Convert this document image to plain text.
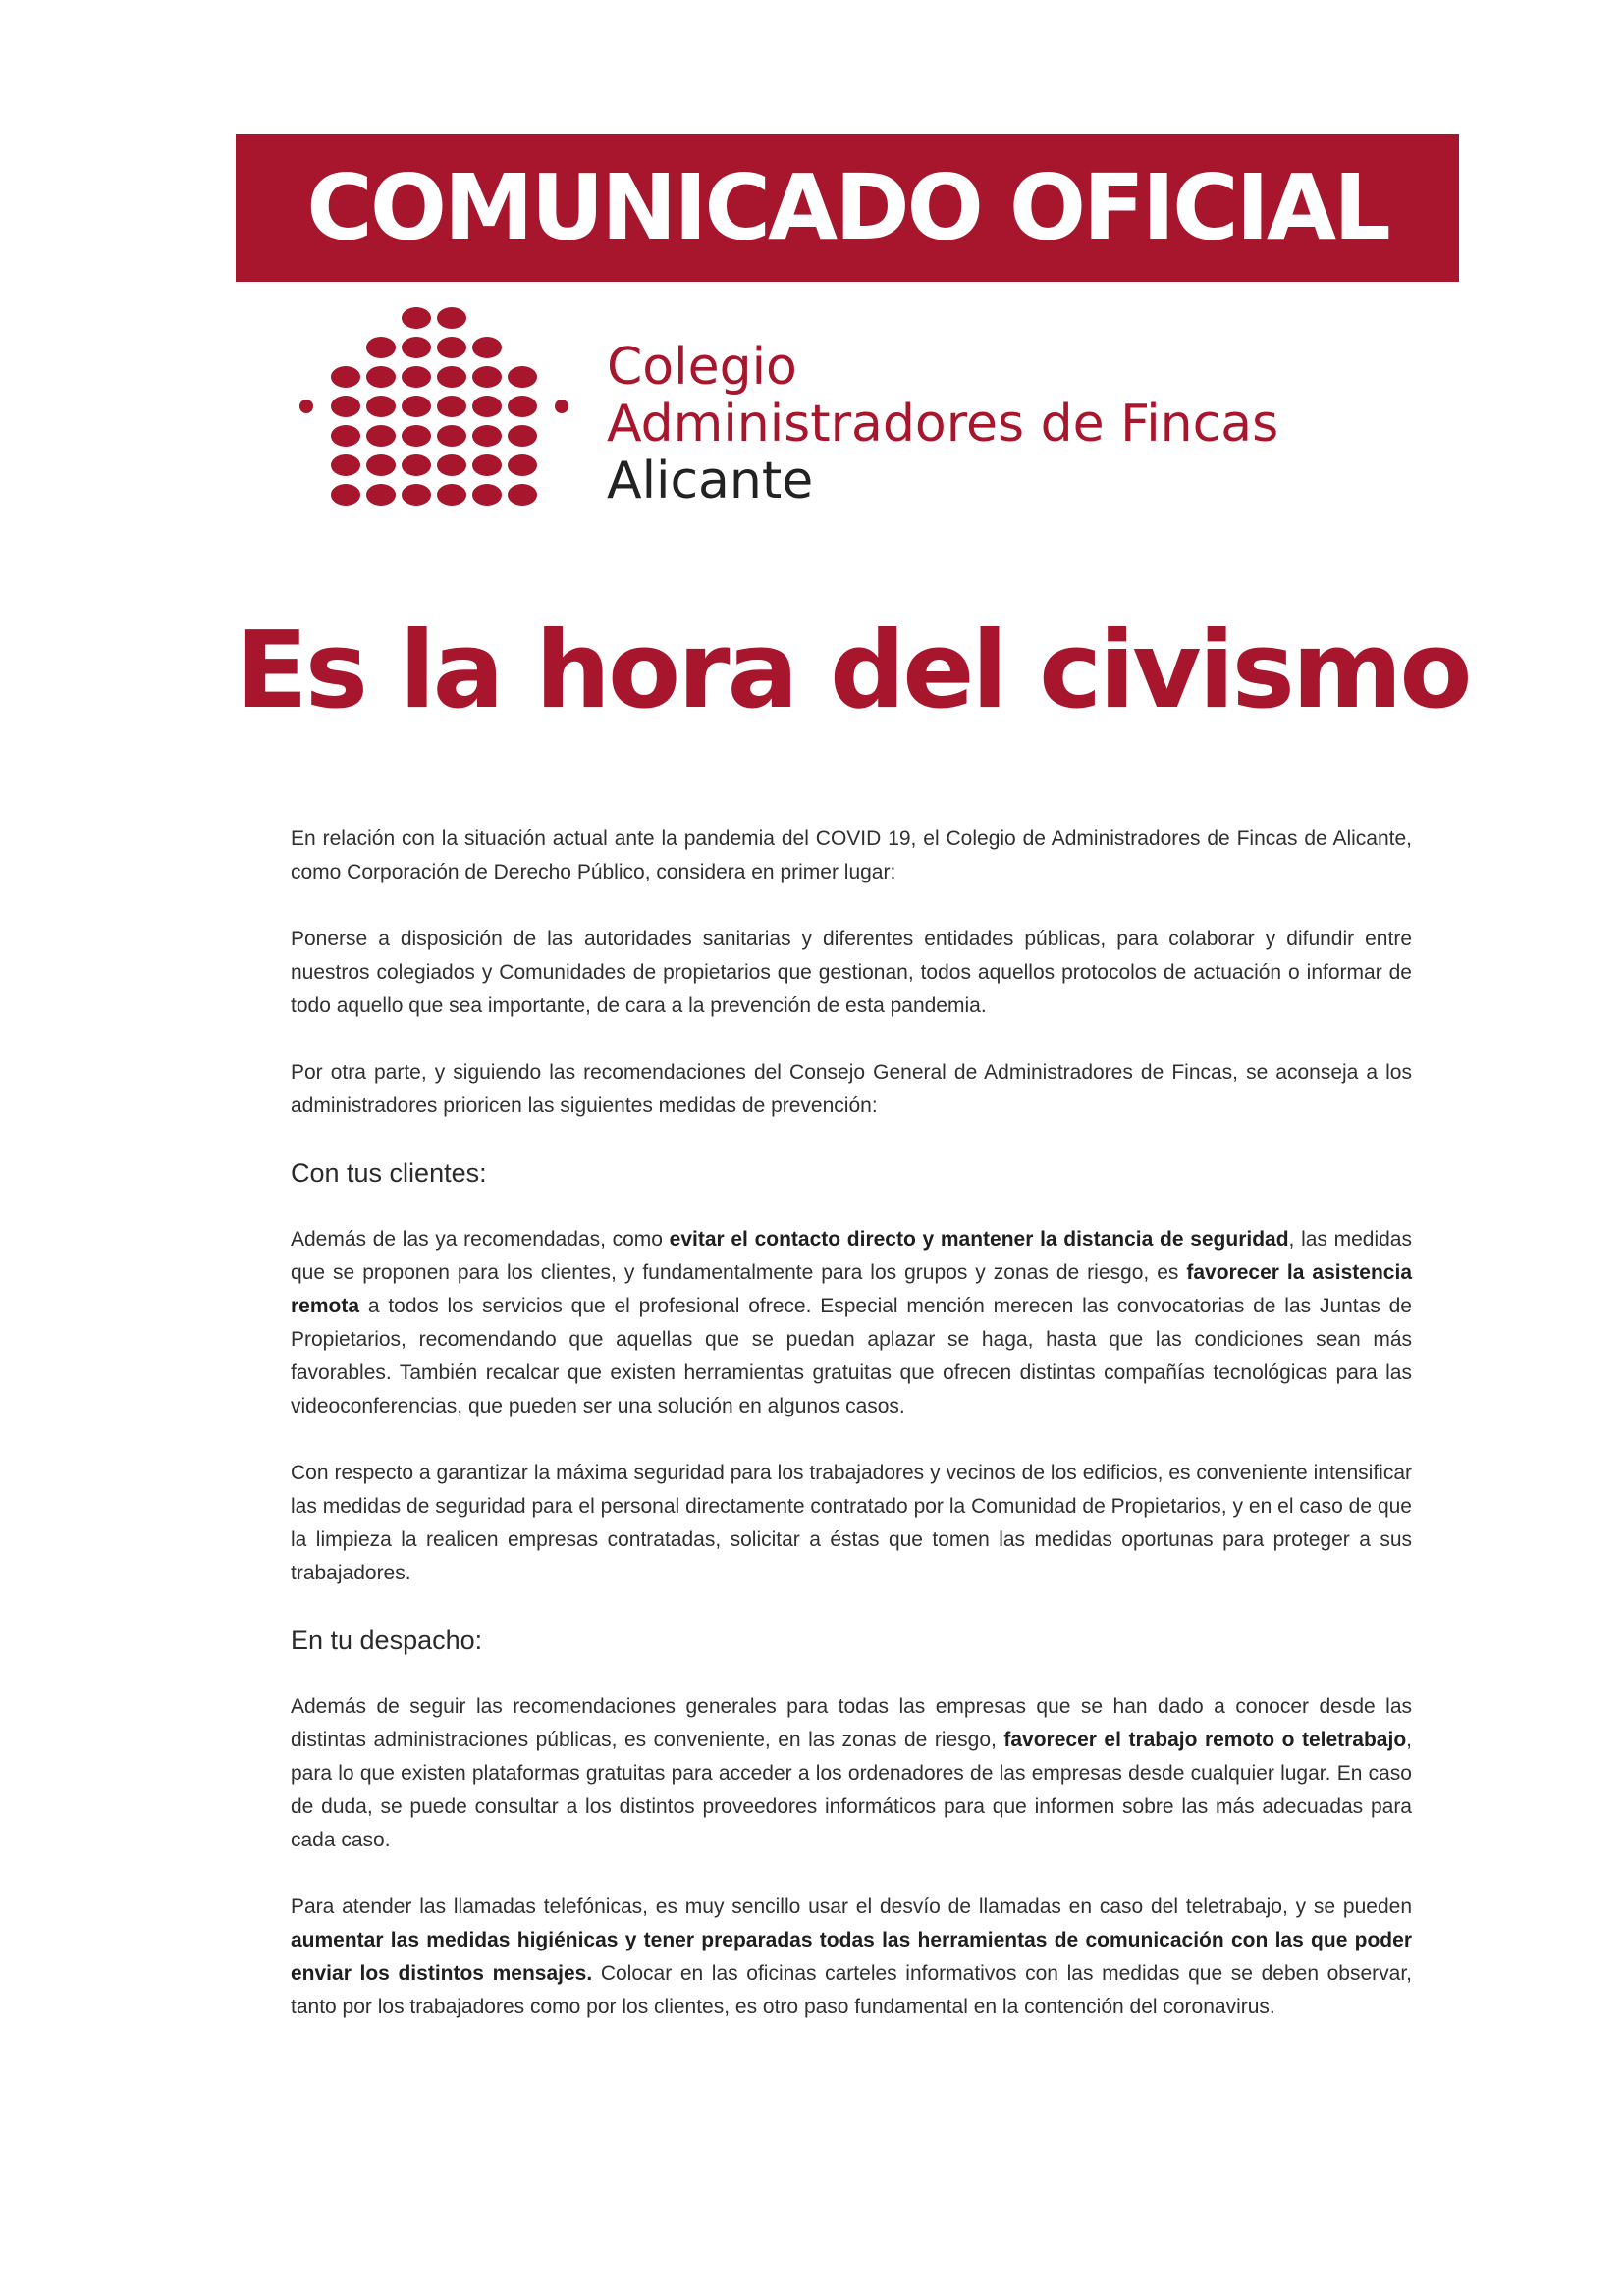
COMUNICADO OFICIAL
Colegio
Administradores de Fincas
Alicante
Es la hora del civismo

En relación con la situación actual ante la pandemia del COVID 19, el Colegio de Administradores de Fincas de Alicante, como Corporación de Derecho Público, considera en primer lugar:

Ponerse a disposición de las autoridades sanitarias y diferentes entidades públicas, para colaborar y difundir entre nuestros colegiados y Comunidades de propietarios que gestionan, todos aquellos protocolos de actuación o informar de todo aquello que sea importante, de cara a la prevención de esta pandemia.

Por otra parte, y siguiendo las recomendaciones del Consejo General de Administradores de Fincas, se aconseja a los administradores prioricen las siguientes medidas de prevención:

Con tus clientes:

Además de las ya recomendadas, como evitar el contacto directo y mantener la distancia de seguridad, las medidas que se proponen para los clientes, y fundamentalmente para los grupos y zonas de riesgo, es favorecer la asistencia remota a todos los servicios que el profesional ofrece. Especial mención merecen las convocatorias de las Juntas de Propietarios, recomendando que aquellas que se puedan aplazar se haga, hasta que las condiciones sean más favorables. También recalcar que existen herramientas gratuitas que ofrecen distintas compañías tecnológicas para las videoconferencias, que pueden ser una solución en algunos casos.

Con respecto a garantizar la máxima seguridad para los trabajadores y vecinos de los edificios, es conveniente intensificar las medidas de seguridad para el personal directamente contratado por la Comunidad de Propietarios, y en el caso de que la limpieza la realicen empresas contratadas, solicitar a éstas que tomen las medidas oportunas para proteger a sus trabajadores.

En tu despacho:

Además de seguir las recomendaciones generales para todas las empresas que se han dado a conocer desde las distintas administraciones públicas, es conveniente, en las zonas de riesgo, favorecer el trabajo remoto o teletrabajo, para lo que existen plataformas gratuitas para acceder a los ordenadores de las empresas desde cualquier lugar. En caso de duda, se puede consultar a los distintos proveedores informáticos para que informen sobre las más adecuadas para cada caso.

Para atender las llamadas telefónicas, es muy sencillo usar el desvío de llamadas en caso del teletrabajo, y se pueden aumentar las medidas higiénicas y tener preparadas todas las herramientas de comunicación con las que poder enviar los distintos mensajes. Colocar en las oficinas carteles informativos con las medidas que se deben observar, tanto por los trabajadores como por los clientes, es otro paso fundamental en la contención del coronavirus.
